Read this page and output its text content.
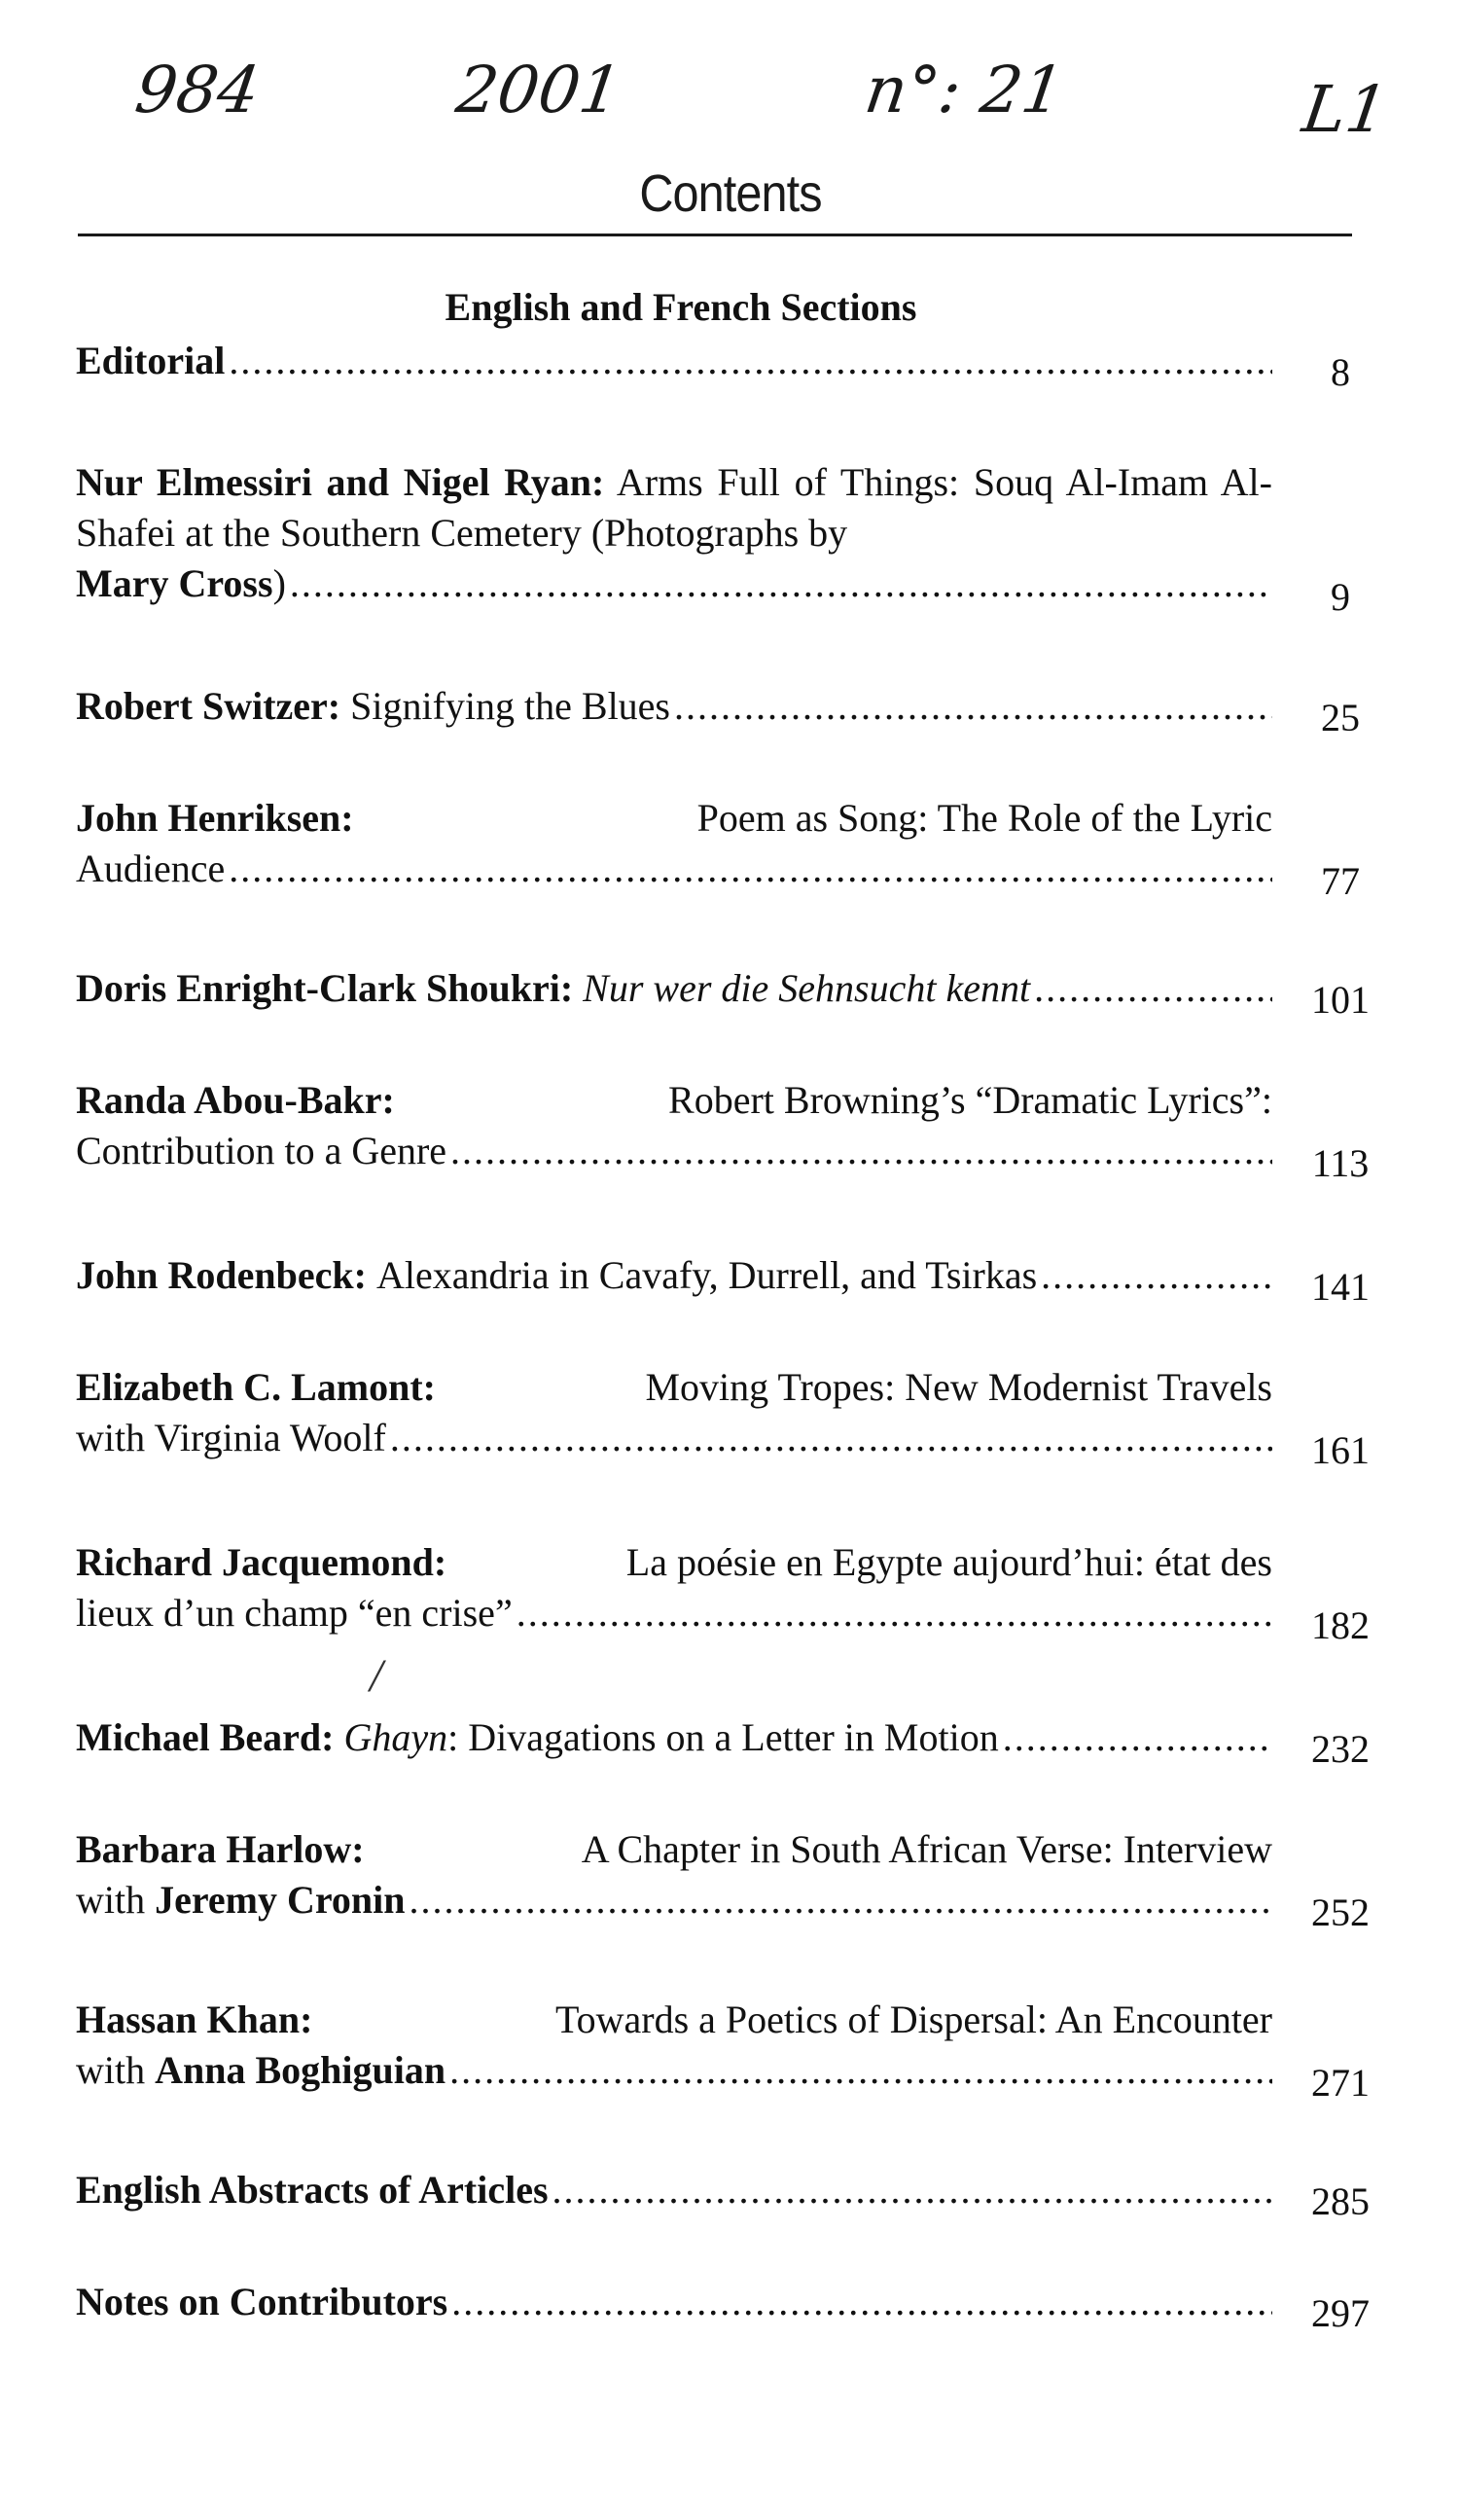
984	2001	n°: 21	L1
Contents
English and French Sections
Editorial .....	8
Nur Elmessiri and Nigel Ryan: Arms Full of Things: Souq Al-Imam Al-Shafei at the Southern Cemetery (Photographs by
Mary Cross ) .....	9
Robert Switzer:
Signifying the Blues .....	25
John Henriksen:	Poem as Song: The Role of the Lyric
Audience .....	77
Doris Enright-Clark Shoukri:
Nur wer die Sehnsucht kennt .....	101
Randa Abou-Bakr:	Robert Browning’s “Dramatic Lyrics”:
Contribution to a Genre .....	113
John Rodenbeck:
Alexandria in Cavafy, Durrell, and Tsirkas .....	141
Elizabeth C. Lamont:	Moving Tropes: New Modernist Travels
with Virginia Woolf .....	161
Richard Jacquemond:	La poésie en Egypte aujourd’hui: état des
lieux d’un champ “en crise” .....	182
/
Michael Beard:
Ghayn : Divagations on a Letter in Motion .....	232
Barbara Harlow:	A Chapter in South African Verse: Interview
with
Jeremy Cronin .....	252
Hassan Khan:	Towards a Poetics of Dispersal: An Encounter
with
Anna Boghiguian .....	271
English Abstracts of Articles .....	285
Notes on Contributors .....	297
